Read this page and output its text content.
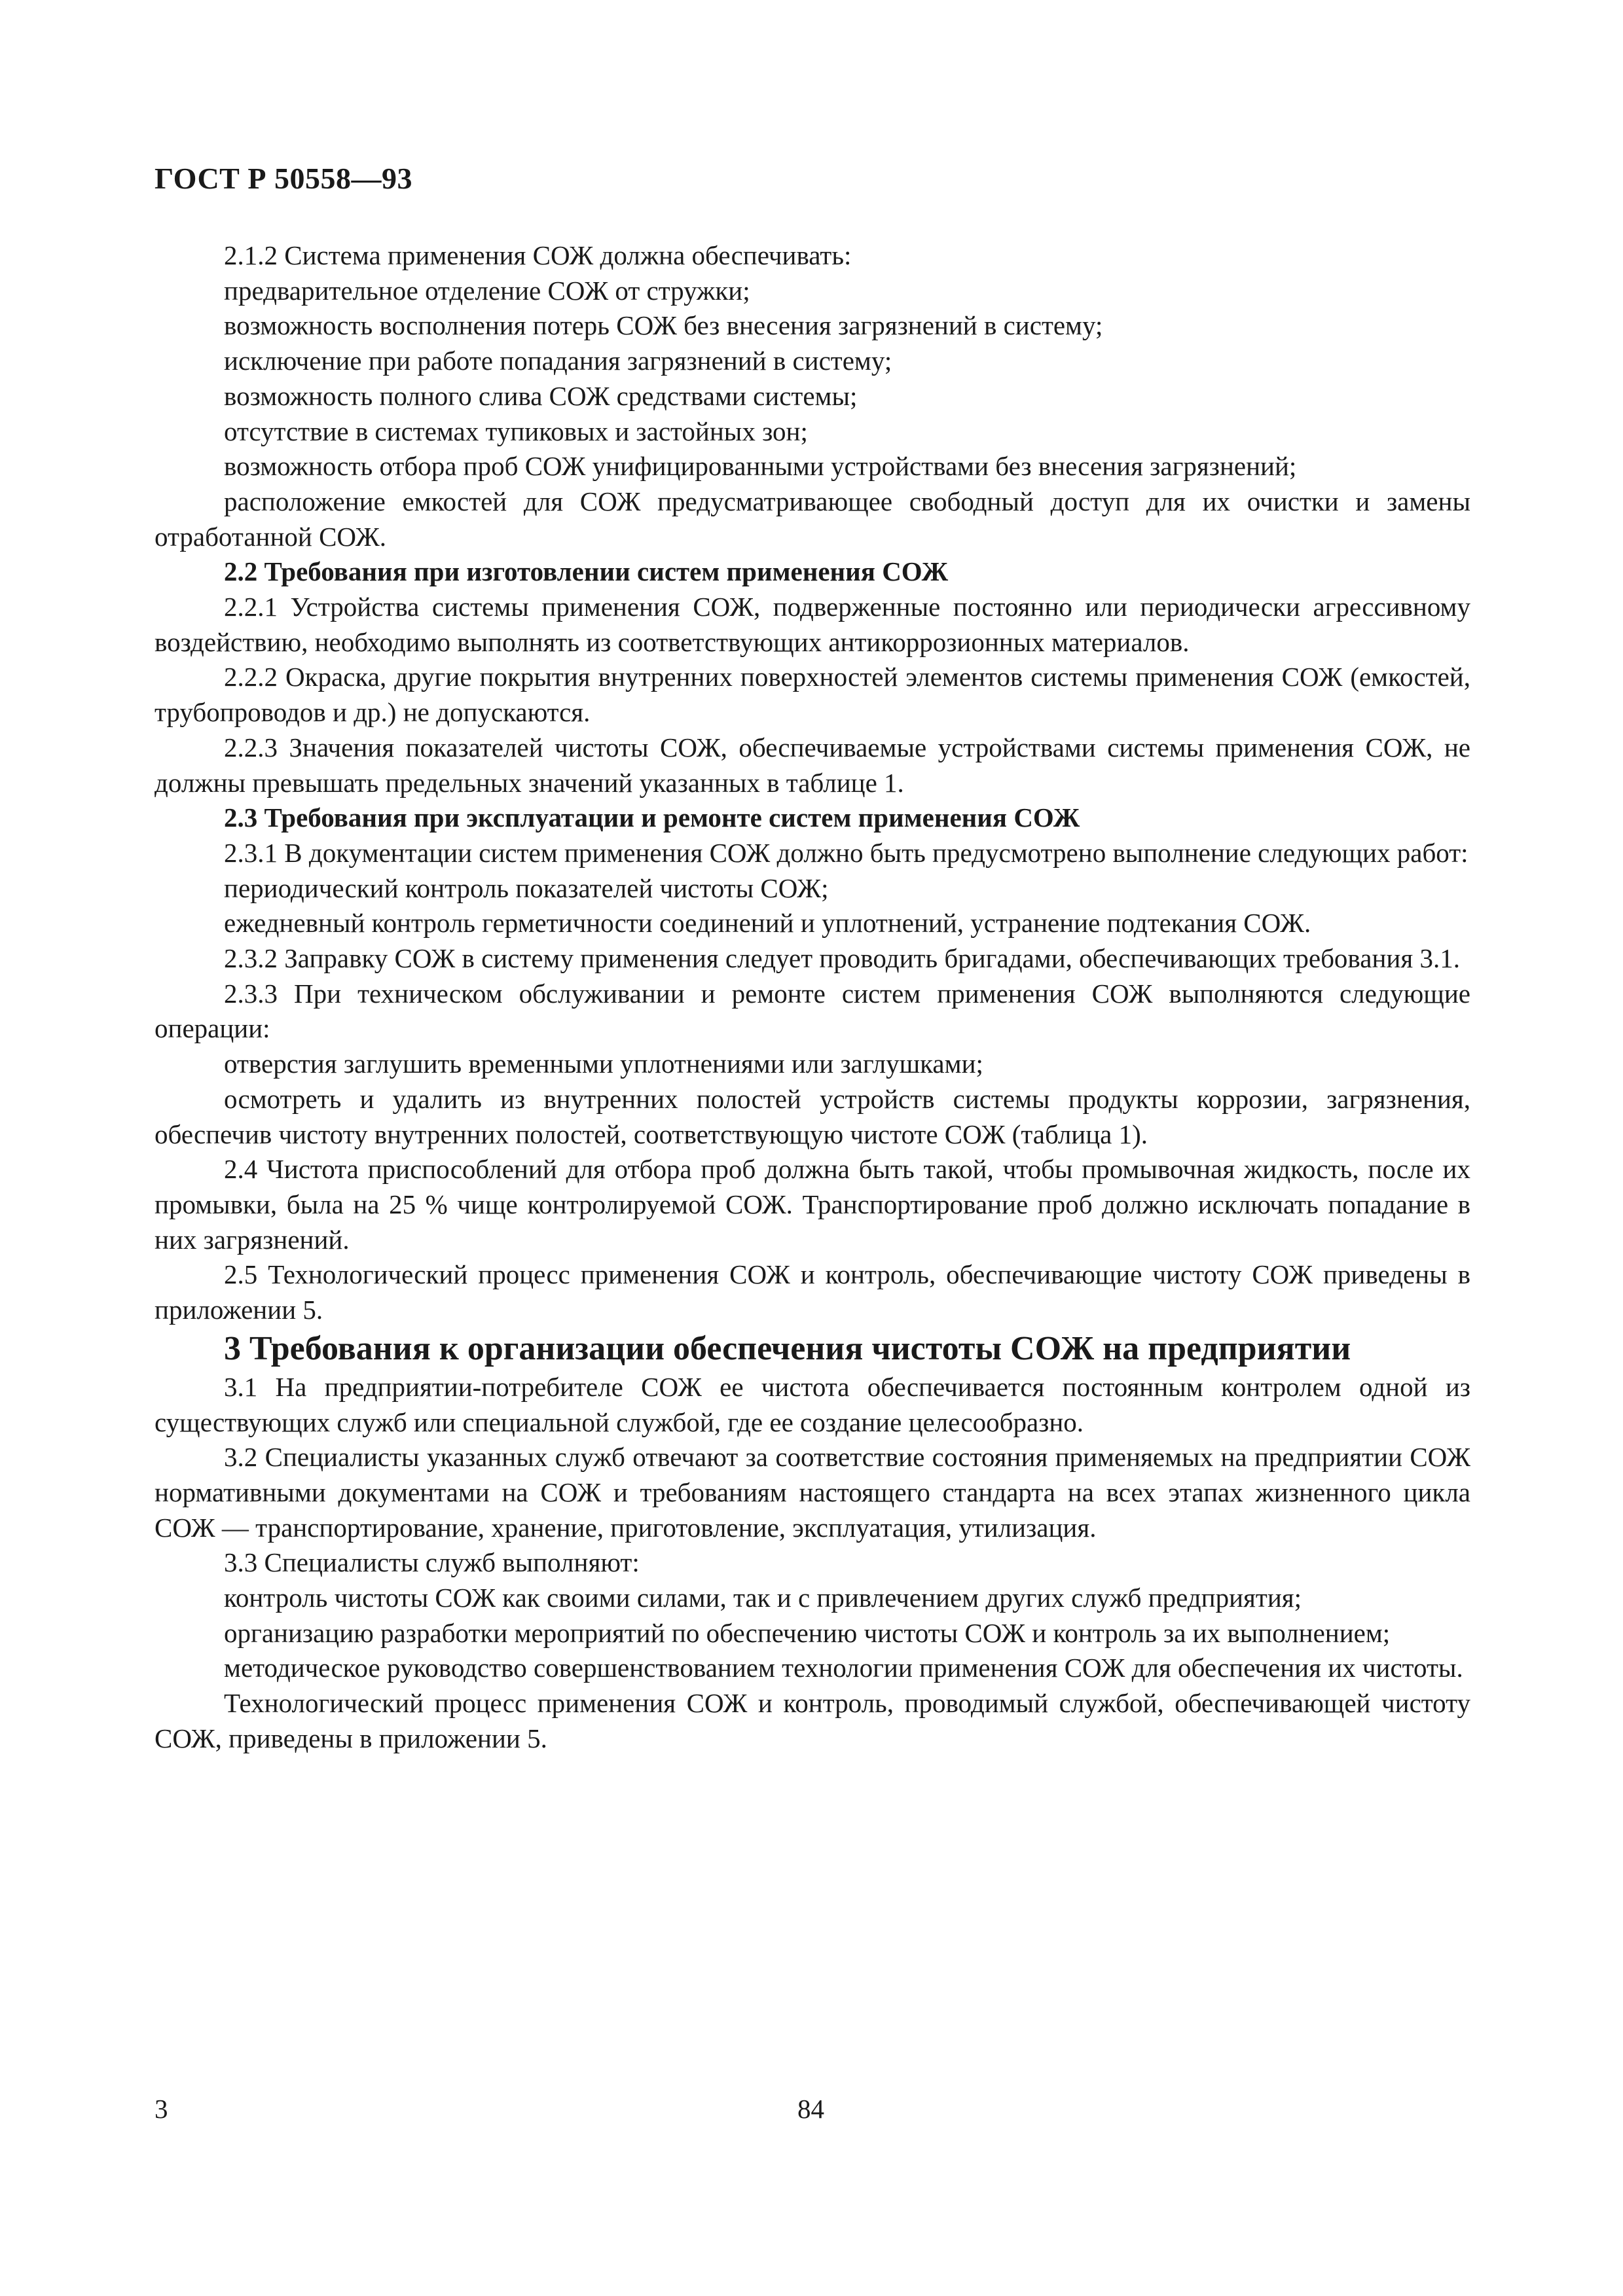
ГОСТ Р 50558—93

2.1.2 Система применения СОЖ должна обеспечивать:

предварительное отделение СОЖ от стружки;

возможность восполнения потерь СОЖ без внесения загрязнений в систему;

исключение при работе попадания загрязнений в систему;

возможность полного слива СОЖ средствами системы;

отсутствие в системах тупиковых и застойных зон;

возможность отбора проб СОЖ унифицированными устройствами без внесения загрязнений;

расположение емкостей для СОЖ предусматривающее свободный доступ для их очистки и замены отработанной СОЖ.

2.2 Требования при изготовлении систем применения СОЖ

2.2.1 Устройства системы применения СОЖ, подверженные постоянно или периодически агрессивному воздействию, необходимо выполнять из соответствующих антикоррозионных материалов.

2.2.2 Окраска, другие покрытия внутренних поверхностей элементов системы применения СОЖ (емкостей, трубопроводов и др.) не допускаются.

2.2.3 Значения показателей чистоты СОЖ, обеспечиваемые устройствами системы применения СОЖ, не должны превышать предельных значений указанных в таблице 1.

2.3 Требования при эксплуатации и ремонте систем применения СОЖ

2.3.1 В документации систем применения СОЖ должно быть предусмотрено выполнение следующих работ:

периодический контроль показателей чистоты СОЖ;

ежедневный контроль герметичности соединений и уплотнений, устранение подтекания СОЖ.

2.3.2 Заправку СОЖ в систему применения следует проводить бригадами, обеспечивающих требования 3.1.

2.3.3 При техническом обслуживании и ремонте систем применения СОЖ выполняются следующие операции:

отверстия заглушить временными уплотнениями или заглушками;

осмотреть и удалить из внутренних полостей устройств системы продукты коррозии, загрязнения, обеспечив чистоту внутренних полостей, соответствующую чистоте СОЖ (таблица 1).

2.4 Чистота приспособлений для отбора проб должна быть такой, чтобы промывочная жидкость, после их промывки, была на 25 % чище контролируемой СОЖ. Транспортирование проб должно исключать попадание в них загрязнений.

2.5 Технологический процесс применения СОЖ и контроль, обеспечивающие чистоту СОЖ приведены в приложении 5.

3 Требования к организации обеспечения чистоты СОЖ на предприятии

3.1 На предприятии-потребителе СОЖ ее чистота обеспечивается постоянным контролем одной из существующих служб или специальной службой, где ее создание целесообразно.

3.2 Специалисты указанных служб отвечают за соответствие состояния применяемых на предприятии СОЖ нормативными документами на СОЖ и требованиям настоящего стандарта на всех этапах жизненного цикла СОЖ — транспортирование, хранение, приготовление, эксплуатация, утилизация.

3.3 Специалисты служб выполняют:

контроль чистоты СОЖ как своими силами, так и с привлечением других служб предприятия;

организацию разработки мероприятий по обеспечению чистоты СОЖ и контроль за их выполнением;

методическое руководство совершенствованием технологии применения СОЖ для обеспечения их чистоты.

Технологический процесс применения СОЖ и контроль, проводимый службой, обеспечивающей чистоту СОЖ, приведены в приложении 5.

3	84
